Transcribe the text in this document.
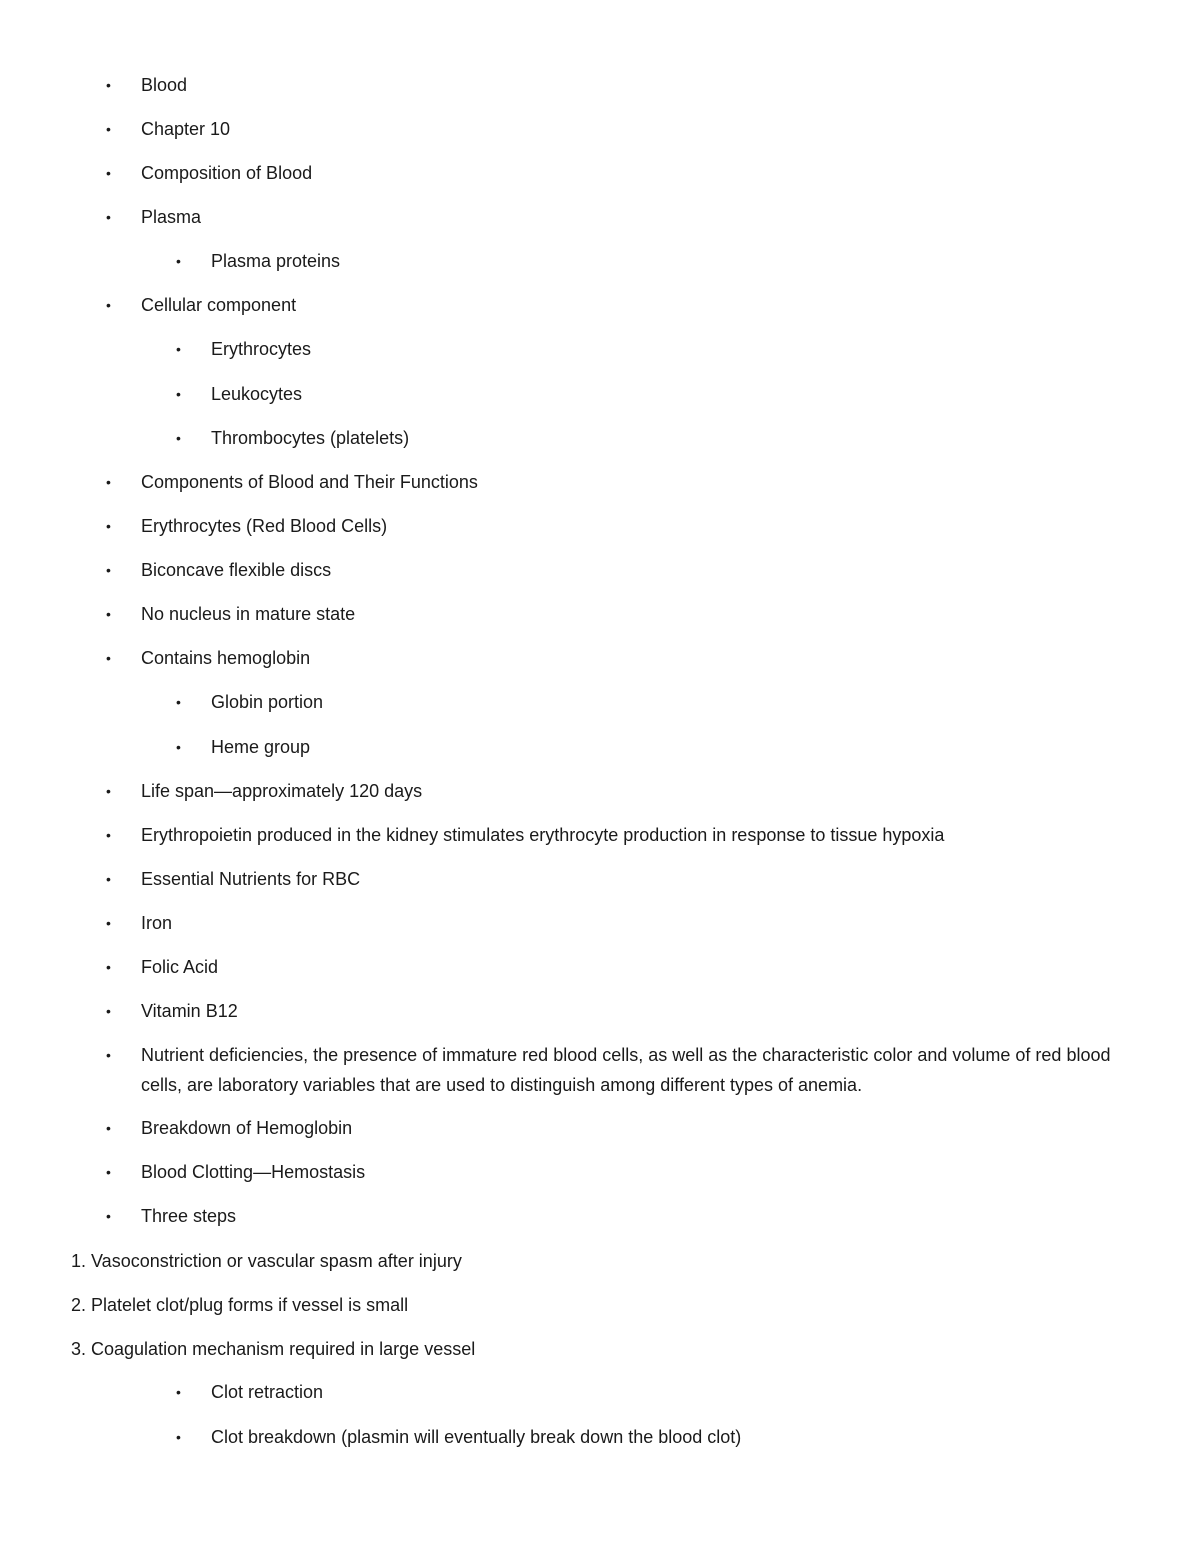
• Blood
• Chapter 10
• Composition of Blood
• Plasma
• Plasma proteins
• Cellular component
• Erythrocytes
• Leukocytes
• Thrombocytes (platelets)
• Components of Blood and Their Functions
• Erythrocytes (Red Blood Cells)
• Biconcave flexible discs
• No nucleus in mature state
• Contains hemoglobin
• Globin portion
• Heme group
• Life span—approximately 120 days
• Erythropoietin produced in the kidney stimulates erythrocyte production in response to tissue hypoxia
• Essential Nutrients for RBC
• Iron
• Folic Acid
• Vitamin B12
• Nutrient deficiencies, the presence of immature red blood cells, as well as the characteristic color and volume of red blood cells, are laboratory variables that are used to distinguish among different types of anemia.
• Breakdown of Hemoglobin
• Blood Clotting—Hemostasis
• Three steps
1. Vasoconstriction or vascular spasm after injury
2. Platelet clot/plug forms if vessel is small
3. Coagulation mechanism required in large vessel
• Clot retraction
• Clot breakdown (plasmin will eventually break down the blood clot)
